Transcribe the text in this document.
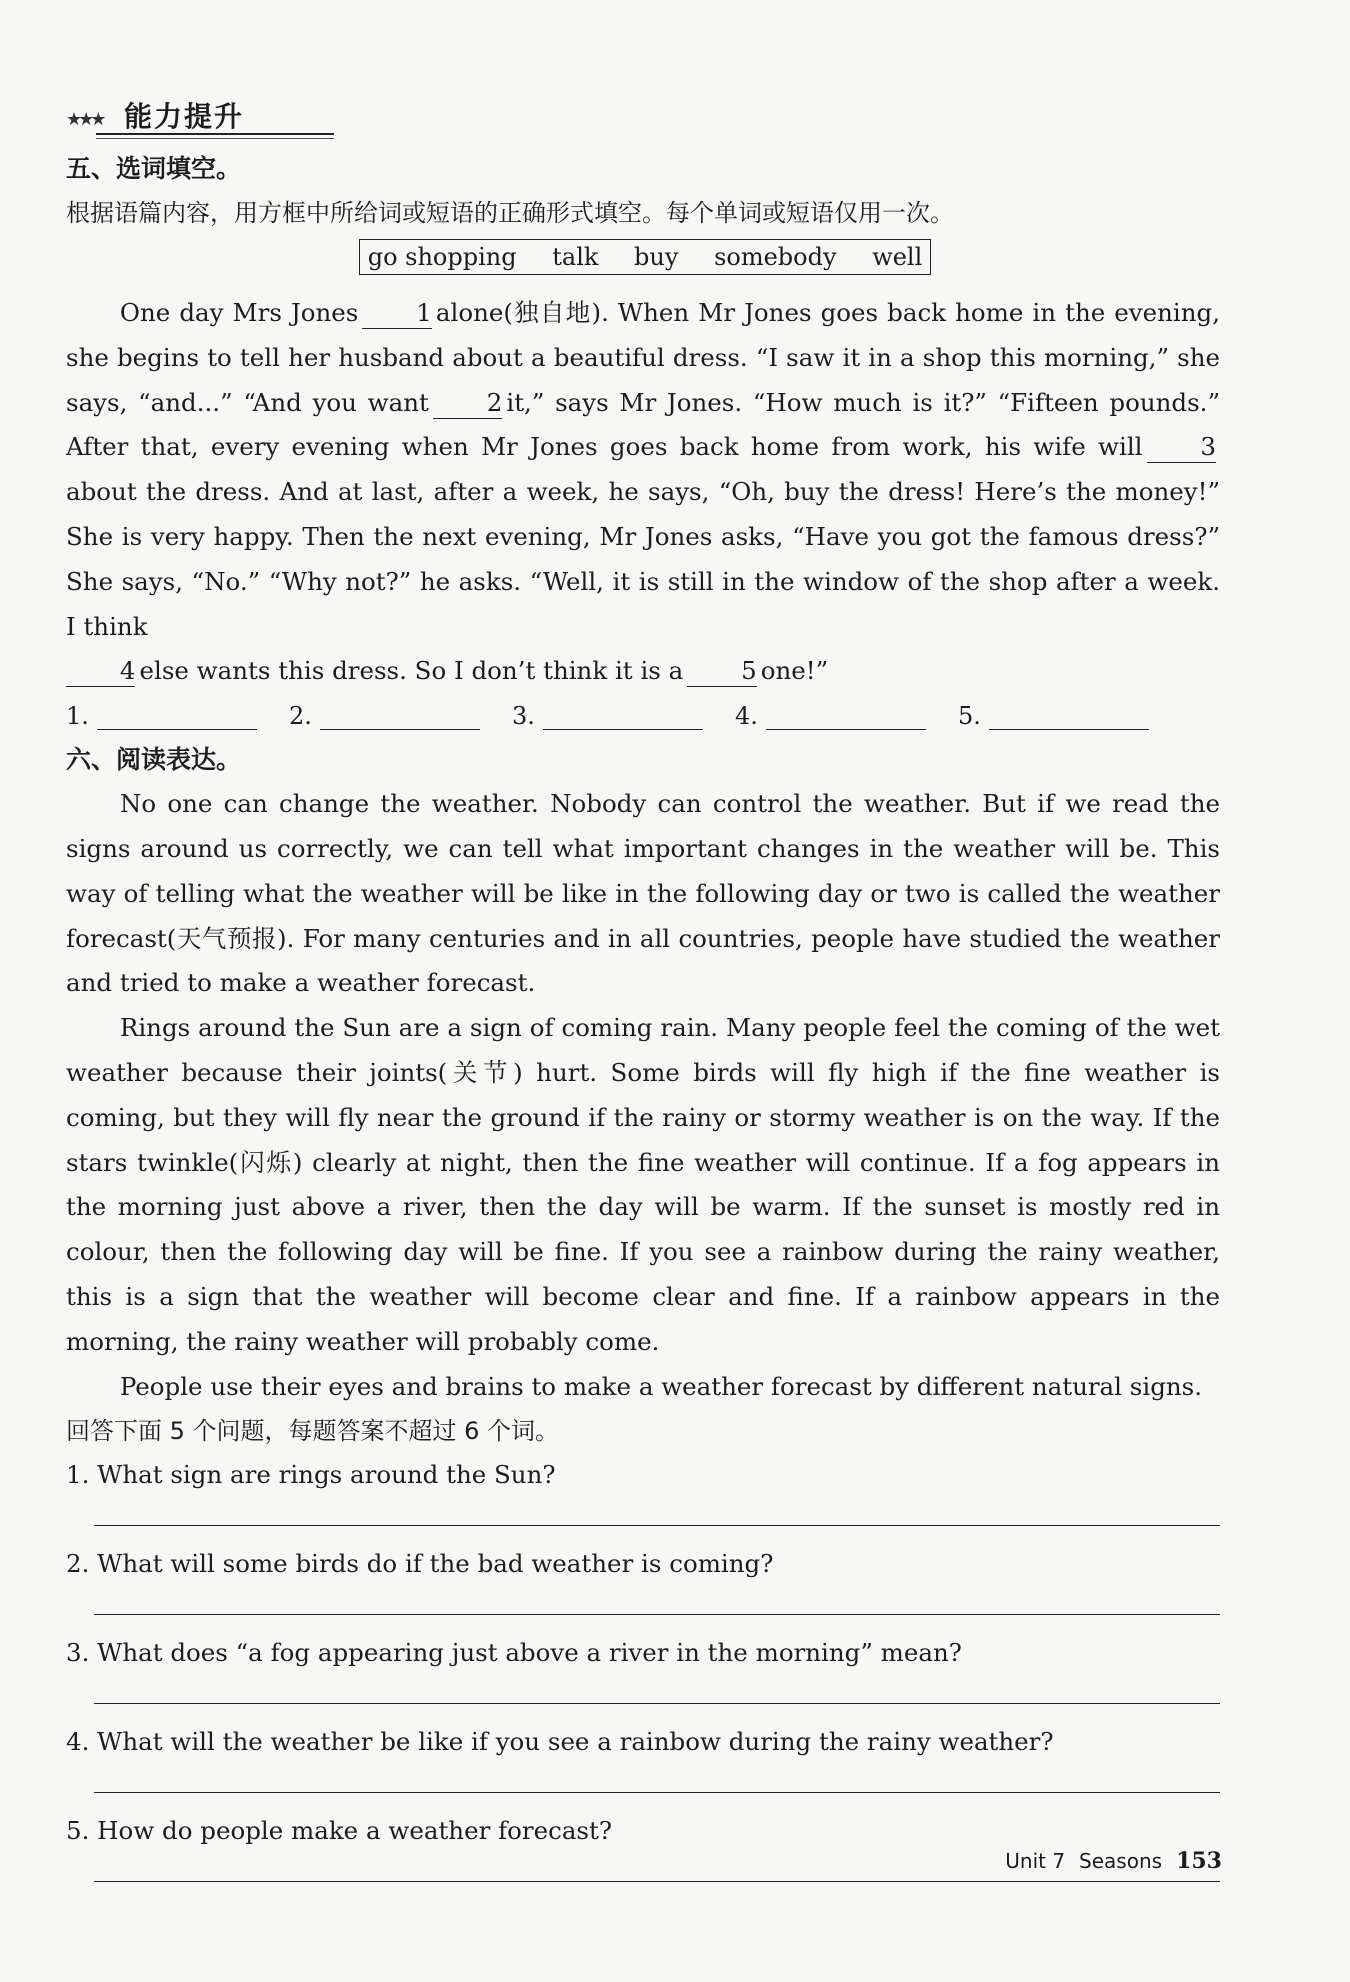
★★★ 能力提升
五、选词填空。
根据语篇内容，用方框中所给词或短语的正确形式填空。每个单词或短语仅用一次。
go shopping talk buy somebody well

One day Mrs Jones 1 alone(独自地). When Mr Jones goes back home in the evening, she begins to tell her husband about a beautiful dress. “I saw it in a shop this morning,” she says, “and...” “And you want 2 it,” says Mr Jones. “How much is it?” “Fifteen pounds.” After that, every evening when Mr Jones goes back home from work, his wife will 3about the dress. And at last, after a week, he says, “Oh, buy the dress! Here’s the money!” She is very happy. Then the next evening, Mr Jones asks, “Have you got the famous dress?” She says, “No.” “Why not?” he asks. “Well, it is still in the window of the shop after a week. I think
4 else wants this dress. So I don’t think it is a 5 one!”

1.	2.	3.	4.	5.
六、阅读表达。

No one can change the weather. Nobody can control the weather. But if we read the signs around us correctly, we can tell what important changes in the weather will be. This way of telling what the weather will be like in the following day or two is called the weather forecast(天气预报). For many centuries and in all countries, people have studied the weather and tried to make a weather forecast.

Rings around the Sun are a sign of coming rain. Many people feel the coming of the wet weather because their joints(关节) hurt. Some birds will fly high if the fine weather is coming, but they will fly near the ground if the rainy or stormy weather is on the way. If the stars twinkle(闪烁) clearly at night, then the fine weather will continue. If a fog appears in the morning just above a river, then the day will be warm. If the sunset is mostly red in colour, then the following day will be fine. If you see a rainbow during the rainy weather, this is a sign that the weather will become clear and fine. If a rainbow appears in the morning, the rainy weather will probably come.

People use their eyes and brains to make a weather forecast by different natural signs.

回答下面 5 个问题，每题答案不超过 6 个词。
1. What sign are rings around the Sun?
2. What will some birds do if the bad weather is coming?
3. What does “a fog appearing just above a river in the morning” mean?
4. What will the weather be like if you see a rainbow during the rainy weather?
5. How do people make a weather forecast?
Unit 7 Seasons 153
